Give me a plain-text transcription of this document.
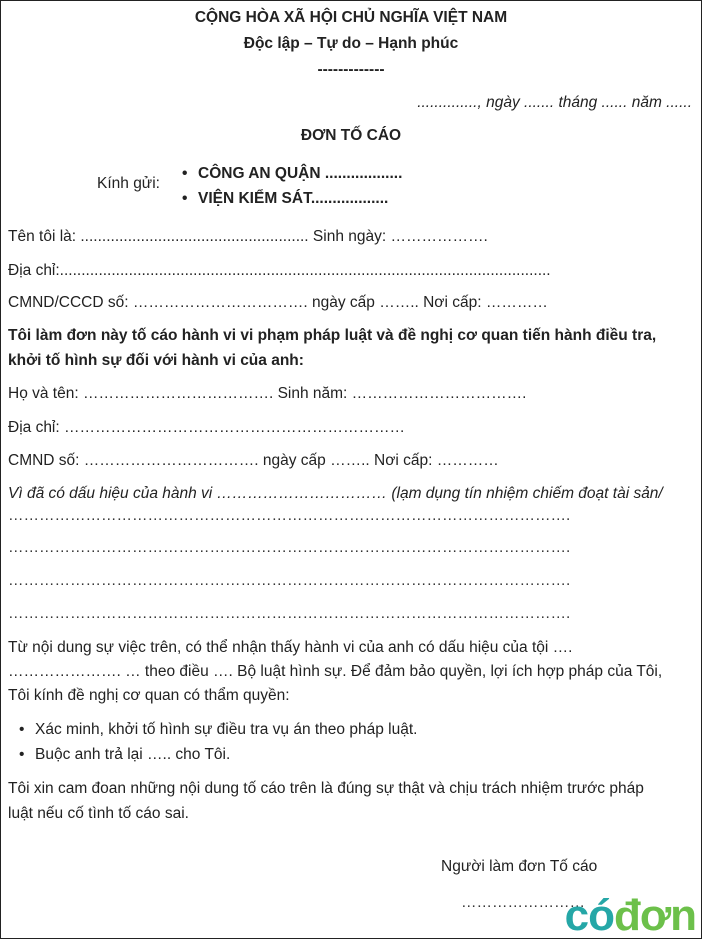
CỘNG HÒA XÃ HỘI CHỦ NGHĨA VIỆT NAM
Độc lập – Tự do – Hạnh phúc
-------------
.............., ngày ....... tháng ...... năm ......
ĐƠN TỐ CÁO
Kính gửi:
• CÔNG AN QUẬN ..................
• VIỆN KIỂM SÁT..................
Tên tôi là: ..................................................... Sinh ngày: ……………….
Địa chỉ:..................................................................................................................
CMND/CCCD số: ……………………………. ngày cấp …….. Nơi cấp: …………
Tôi làm đơn này tố cáo hành vi vi phạm pháp luật và đề nghị cơ quan tiến hành điều tra,
khởi tố hình sự đối với hành vi của anh:
Họ và tên: ………………………………. Sinh năm: …………………………….
Địa chỉ: …………………………………………………………
CMND số: ……………………………. ngày cấp …….. Nơi cấp: …………
Vì đã có dấu hiệu của hành vi …………………………… (lạm dụng tín nhiệm chiếm đoạt tài sản/
……………………………………………………………………………………………….
……………………………………………………………………………………………….
……………………………………………………………………………………………….
……………………………………………………………………………………………….
Từ nội dung sự việc trên, có thể nhận thấy hành vi của anh có dấu hiệu của tội ….
…………………. … theo điều …. Bộ luật hình sự. Để đảm bảo quyền, lợi ích hợp pháp của Tôi,
Tôi kính đề nghị cơ quan có thẩm quyền:
• Xác minh, khởi tố hình sự điều tra vụ án theo pháp luật.
• Buộc anh trả lại ….. cho Tôi.
Tôi xin cam đoan những nội dung tố cáo trên là đúng sự thật và chịu trách nhiệm trước pháp
luật nếu cố tình tố cáo sai.
Người làm đơn Tố cáo
……………………
cóđơn
